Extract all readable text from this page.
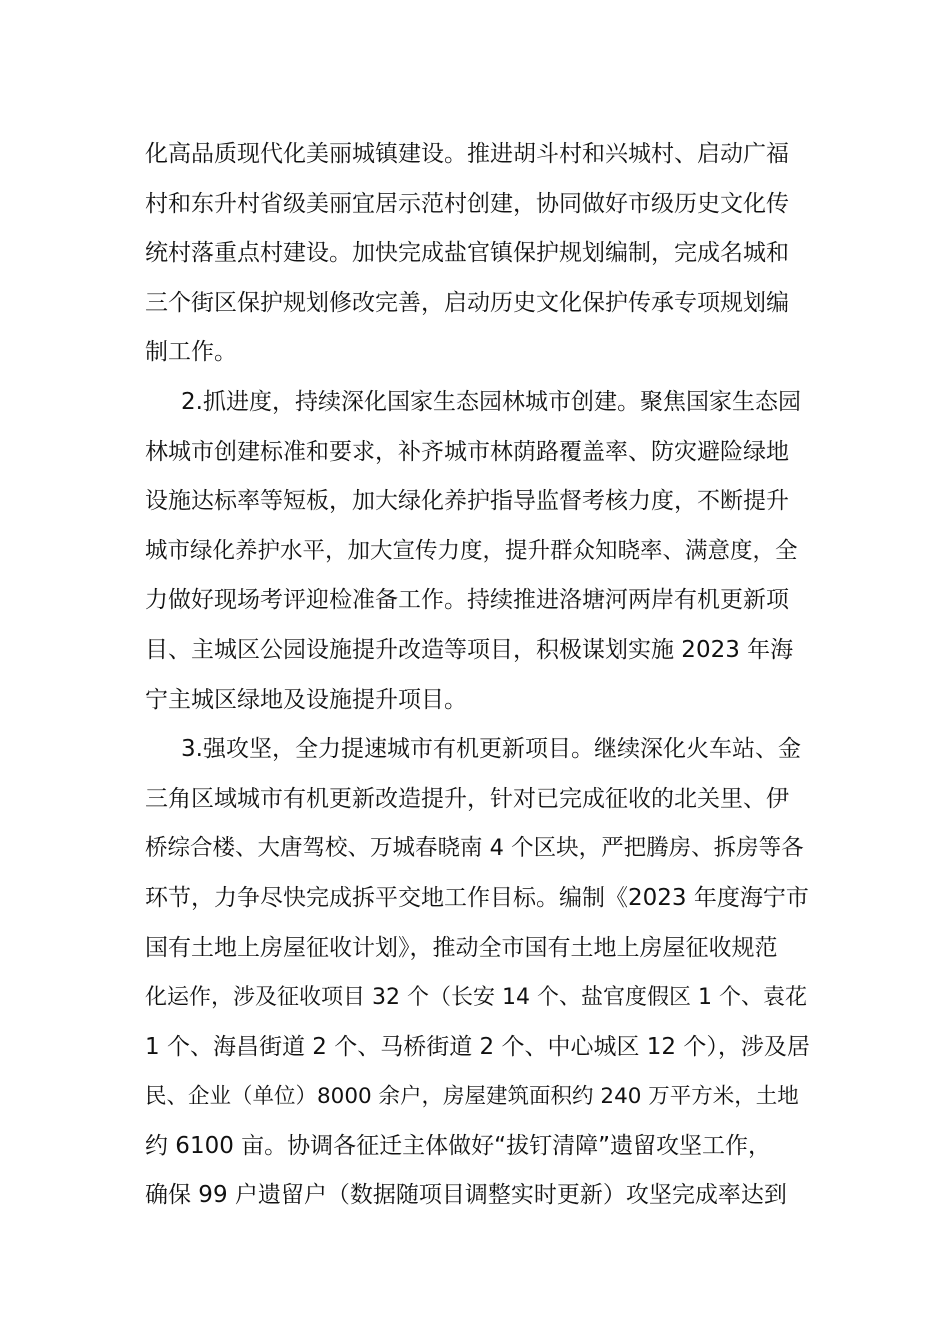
化高品质现代化美丽城镇建设。推进胡斗村和兴城村、启动广福
村和东升村省级美丽宜居示范村创建，协同做好市级历史文化传
统村落重点村建设。加快完成盐官镇保护规划编制，完成名城和
三个街区保护规划修改完善，启动历史文化保护传承专项规划编
制工作。
2.抓进度，持续深化国家生态园林城市创建。聚焦国家生态园
林城市创建标准和要求，补齐城市林荫路覆盖率、防灾避险绿地
设施达标率等短板，加大绿化养护指导监督考核力度，不断提升
城市绿化养护水平，加大宣传力度，提升群众知晓率、满意度，全
力做好现场考评迎检准备工作。持续推进洛塘河两岸有机更新项
目、主城区公园设施提升改造等项目，积极谋划实施 2023 年海
宁主城区绿地及设施提升项目。
3.强攻坚，全力提速城市有机更新项目。继续深化火车站、金
三角区域城市有机更新改造提升，针对已完成征收的北关里、伊
桥综合楼、大唐驾校、万城春晓南 4 个区块，严把腾房、拆房等各
环节，力争尽快完成拆平交地工作目标。编制《2023 年度海宁市
国有土地上房屋征收计划》，推动全市国有土地上房屋征收规范
化运作，涉及征收项目 32 个（长安 14 个、盐官度假区 1 个、袁花
1 个、海昌街道 2 个、马桥街道 2 个、中心城区 12 个），涉及居
民、企业（单位）8000 余户，房屋建筑面积约 240 万平方米，土地
约 6100 亩。协调各征迁主体做好“拔钉清障”遗留攻坚工作，
确保 99 户遗留户（数据随项目调整实时更新）攻坚完成率达到
